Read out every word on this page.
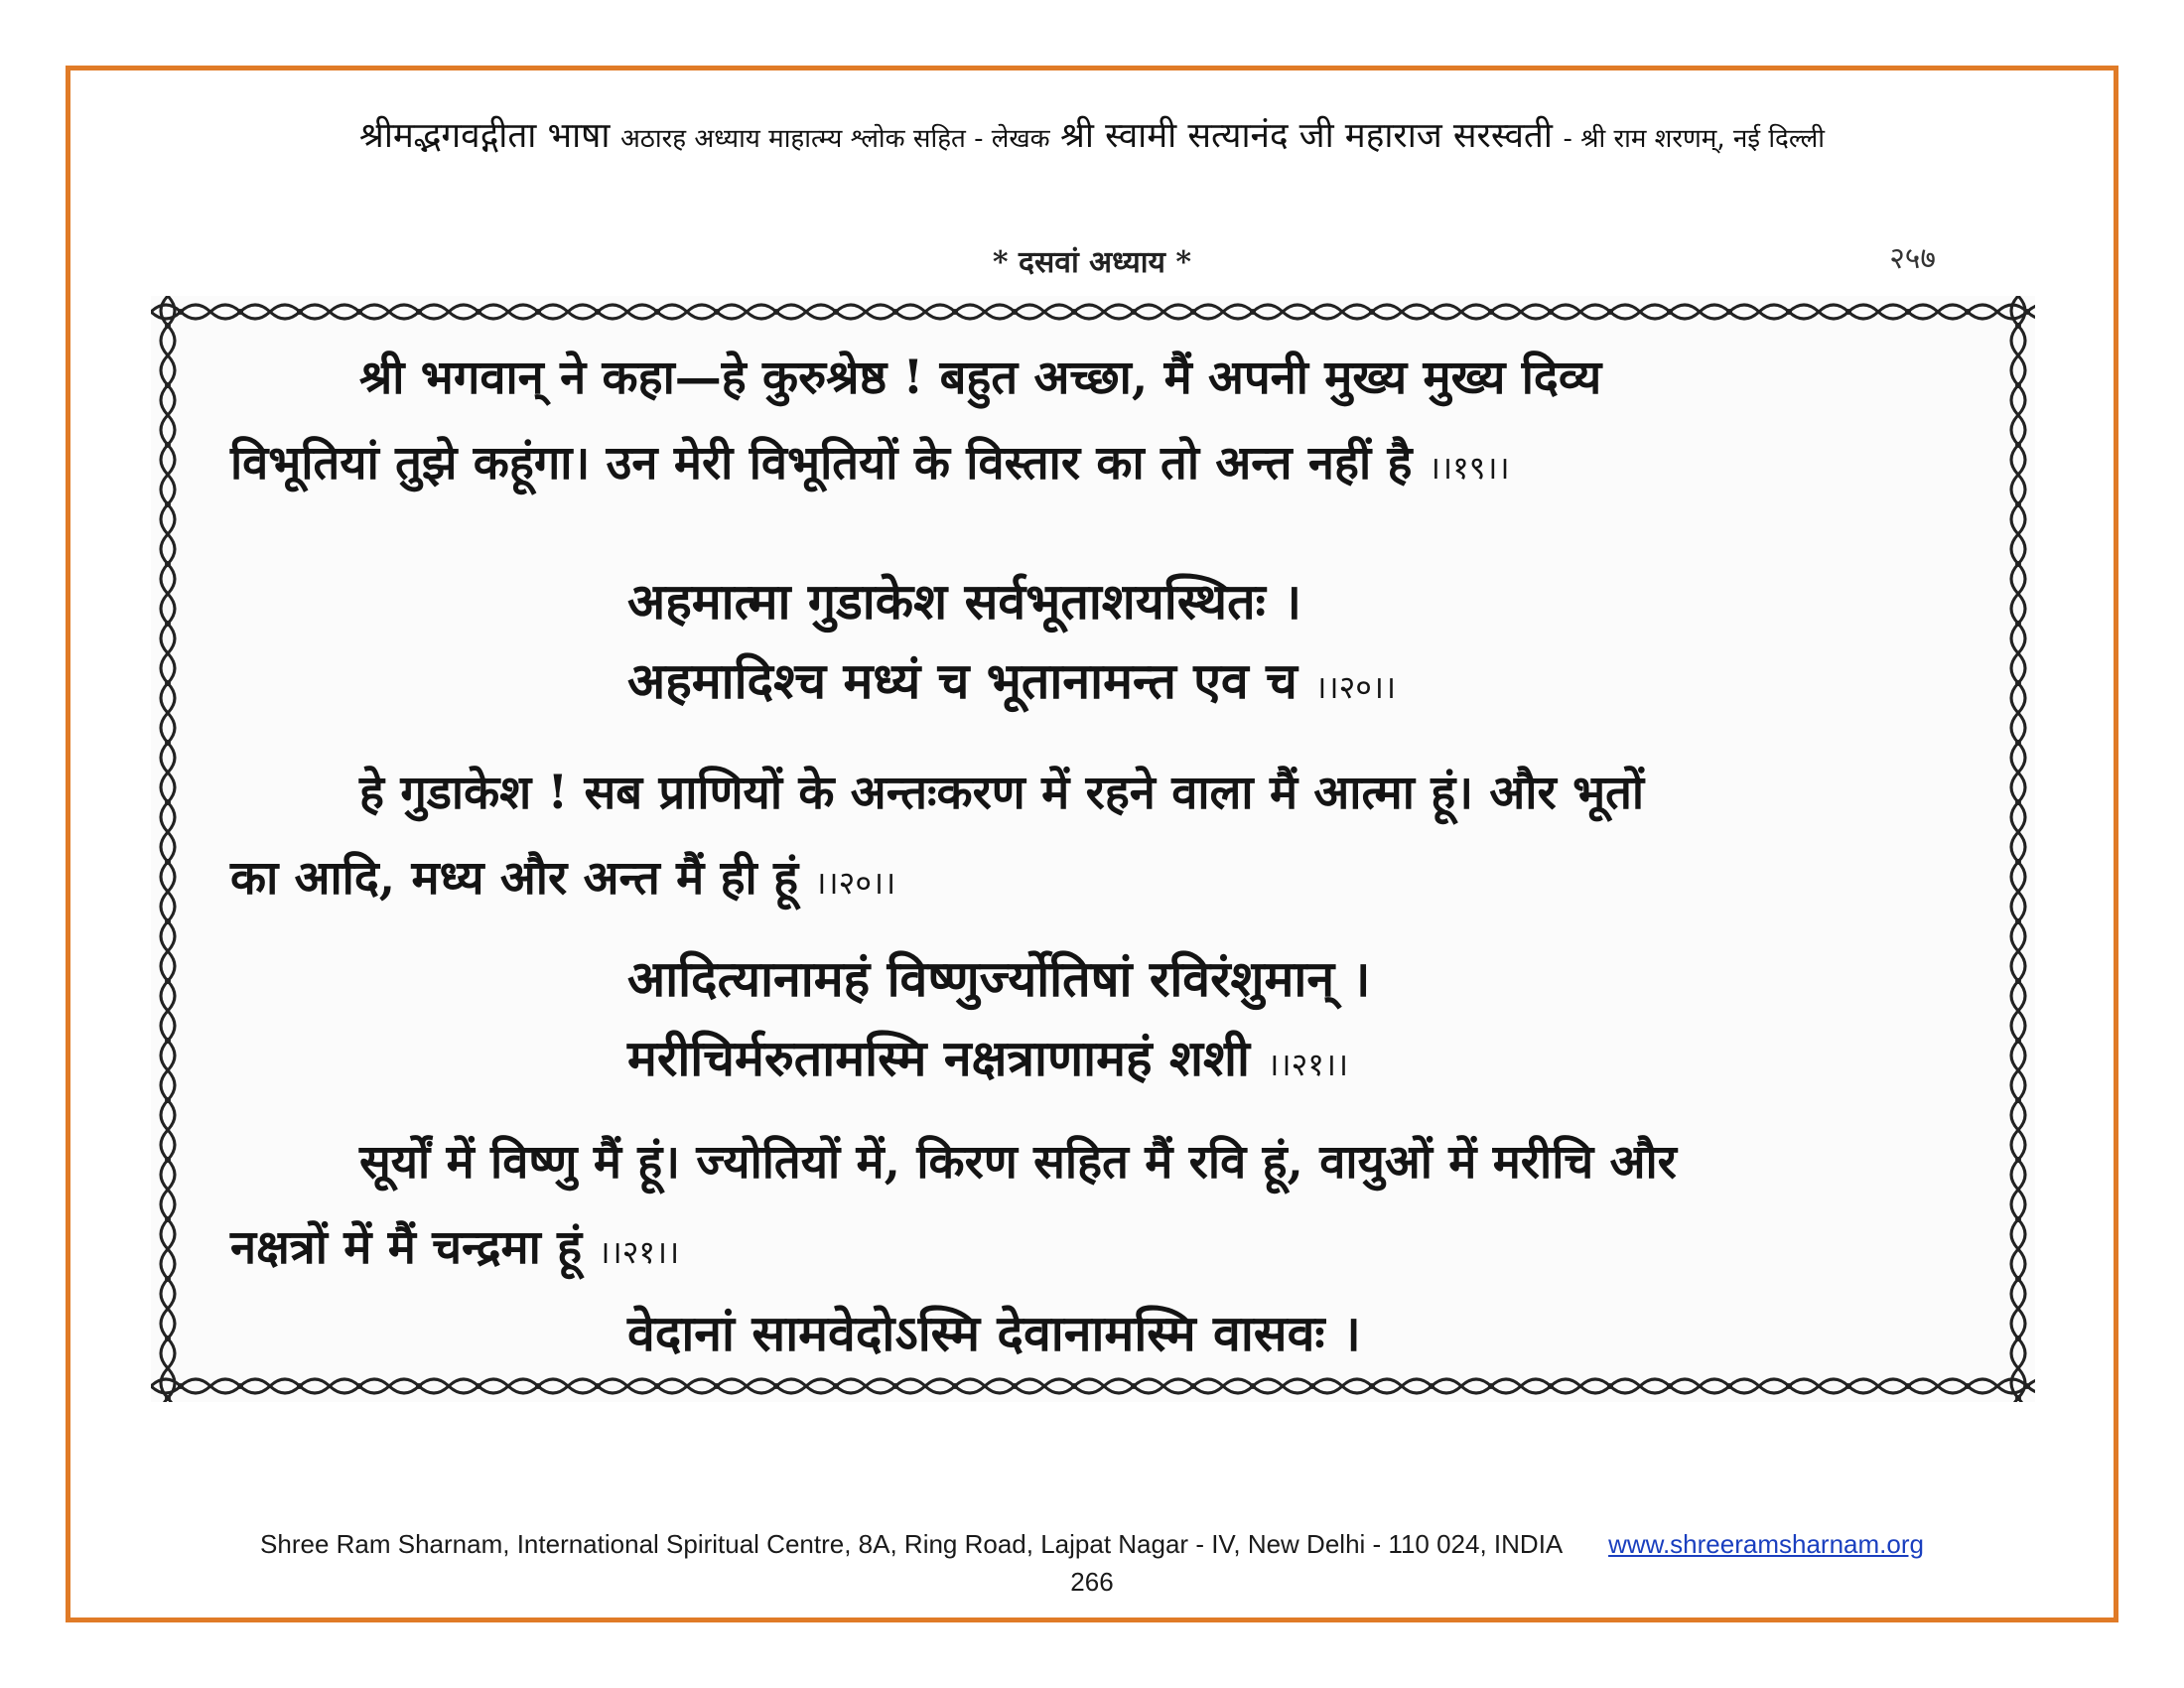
श्रीमद्भगवद्गीता भाषा अठारह अध्याय माहात्म्य श्लोक सहित - लेखक श्री स्वामी सत्यानंद जी महाराज सरस्वती - श्री राम शरणम्, नई दिल्ली
* दसवां अध्याय *	२५७
श्री भगवान् ने कहा—हे कुरुश्रेष्ठ ! बहुत अच्छा, मैं अपनी मुख्य मुख्य दिव्य
विभूतियां तुझे कहूंगा। उन मेरी विभूतियों के विस्तार का तो अन्त नहीं है ।।१९।।
अहमात्मा गुडाकेश सर्वभूताशयस्थितः ।
अहमादिश्च मध्यं च भूतानामन्त एव च ।।२०।।
हे गुडाकेश ! सब प्राणियों के अन्तःकरण में रहने वाला मैं आत्मा हूं। और भूतों
का आदि, मध्य और अन्त मैं ही हूं ।।२०।।
आदित्यानामहं विष्णुर्ज्योतिषां रविरंशुमान् ।
मरीचिर्मरुतामस्मि नक्षत्राणामहं शशी ।।२१।।
सूर्यों में विष्णु मैं हूं। ज्योतियों में, किरण सहित मैं रवि हूं, वायुओं में मरीचि और
नक्षत्रों में मैं चन्द्रमा हूं ।।२१।।
वेदानां सामवेदोऽस्मि देवानामस्मि वासवः ।
Shree Ram Sharnam, International Spiritual Centre, 8A, Ring Road, Lajpat Nagar - IV, New Delhi - 110 024, INDIA www.shreeramsharnam.org
266
